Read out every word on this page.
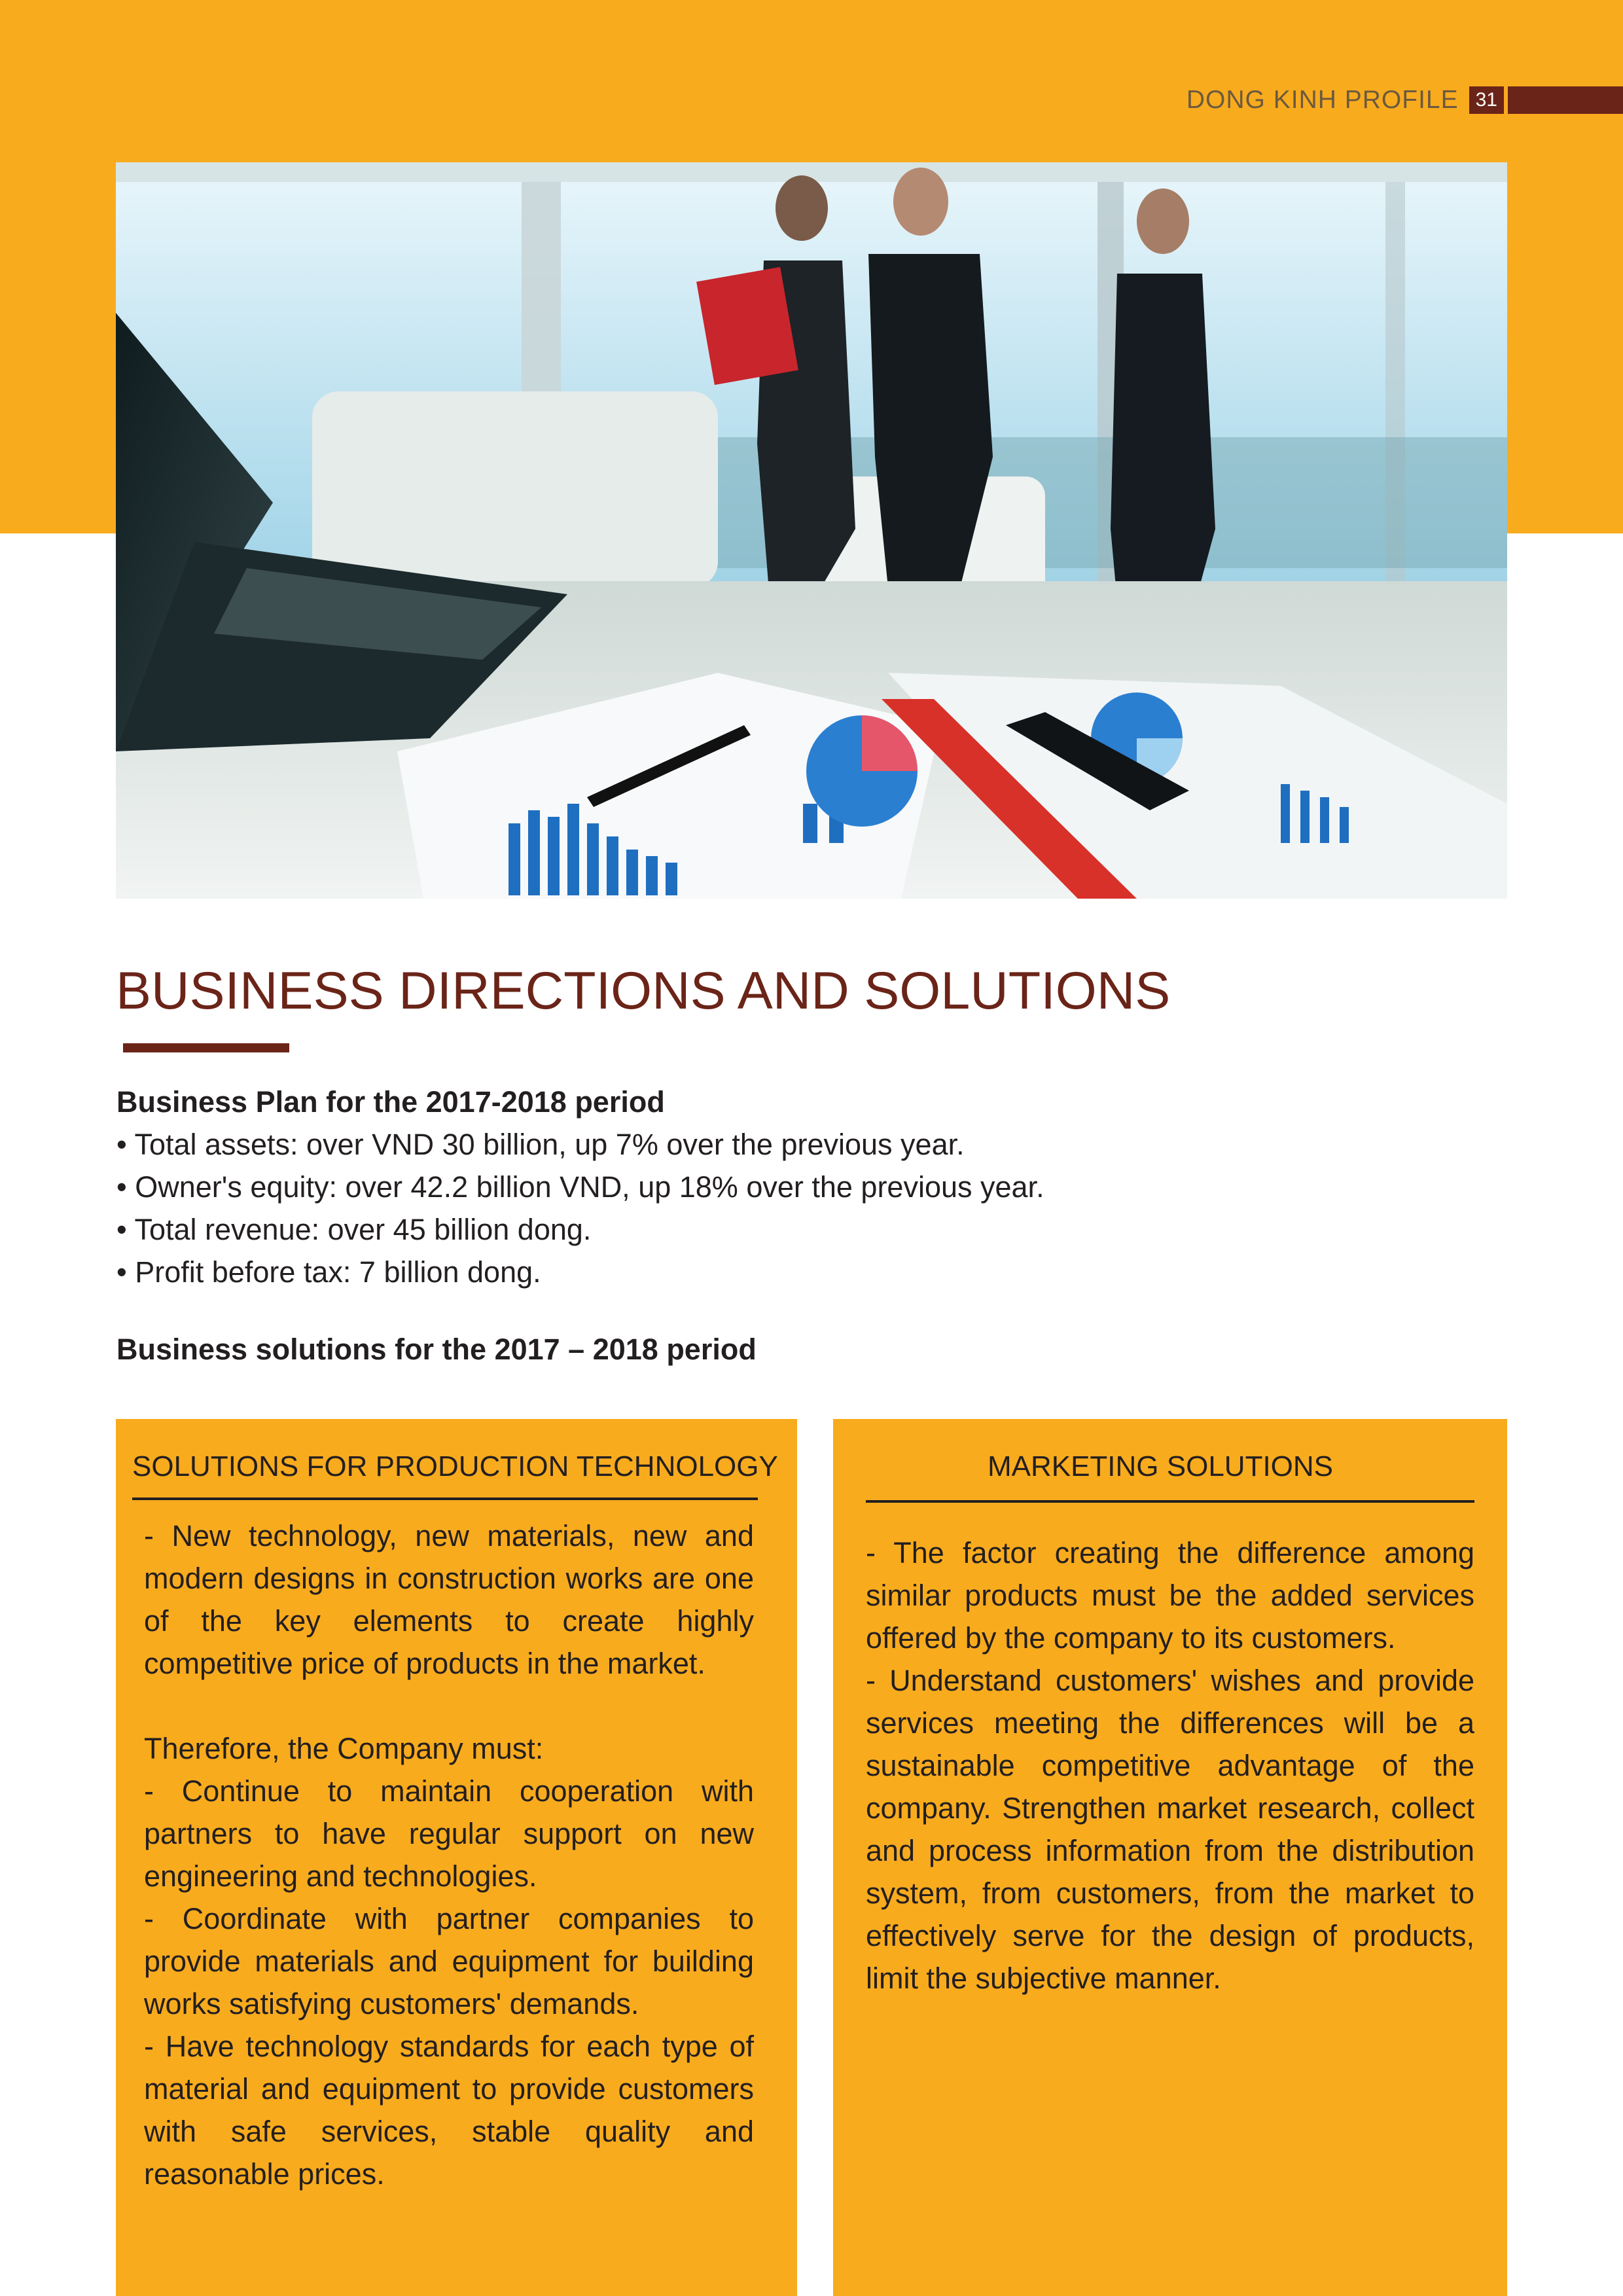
DONG KINH PROFILE 31
BUSINESS DIRECTIONS AND SOLUTIONS
Business Plan for the 2017-2018 period
• Total assets: over VND 30 billion, up 7% over the previous year.
• Owner's equity: over 42.2 billion VND, up 18% over the previous year.
• Total revenue: over 45 billion dong.
• Profit before tax: 7 billion dong.
Business solutions for the 2017 – 2018 period
SOLUTIONS FOR PRODUCTION TECHNOLOGY

- New technology, new materials, new and modern designs in construction works are one of the key elements to create highly competitive price of products in the market.

Therefore, the Company must:

- Continue to maintain cooperation with partners to have regular support on new engineering and technologies.

- Coordinate with partner companies to provide materials and equipment for building works satisfying customers' demands.

- Have technology standards for each type of material and equipment to provide customers with safe services, stable quality and reasonable prices.

MARKETING SOLUTIONS

- The factor creating the difference among similar products must be the added services offered by the company to its customers.

- Understand customers' wishes and provide services meeting the differences will be a sustainable competitive advantage of the company. Strengthen market research, collect and process information from the distribution system, from customers, from the market to effectively serve for the design of products, limit the subjective manner.
